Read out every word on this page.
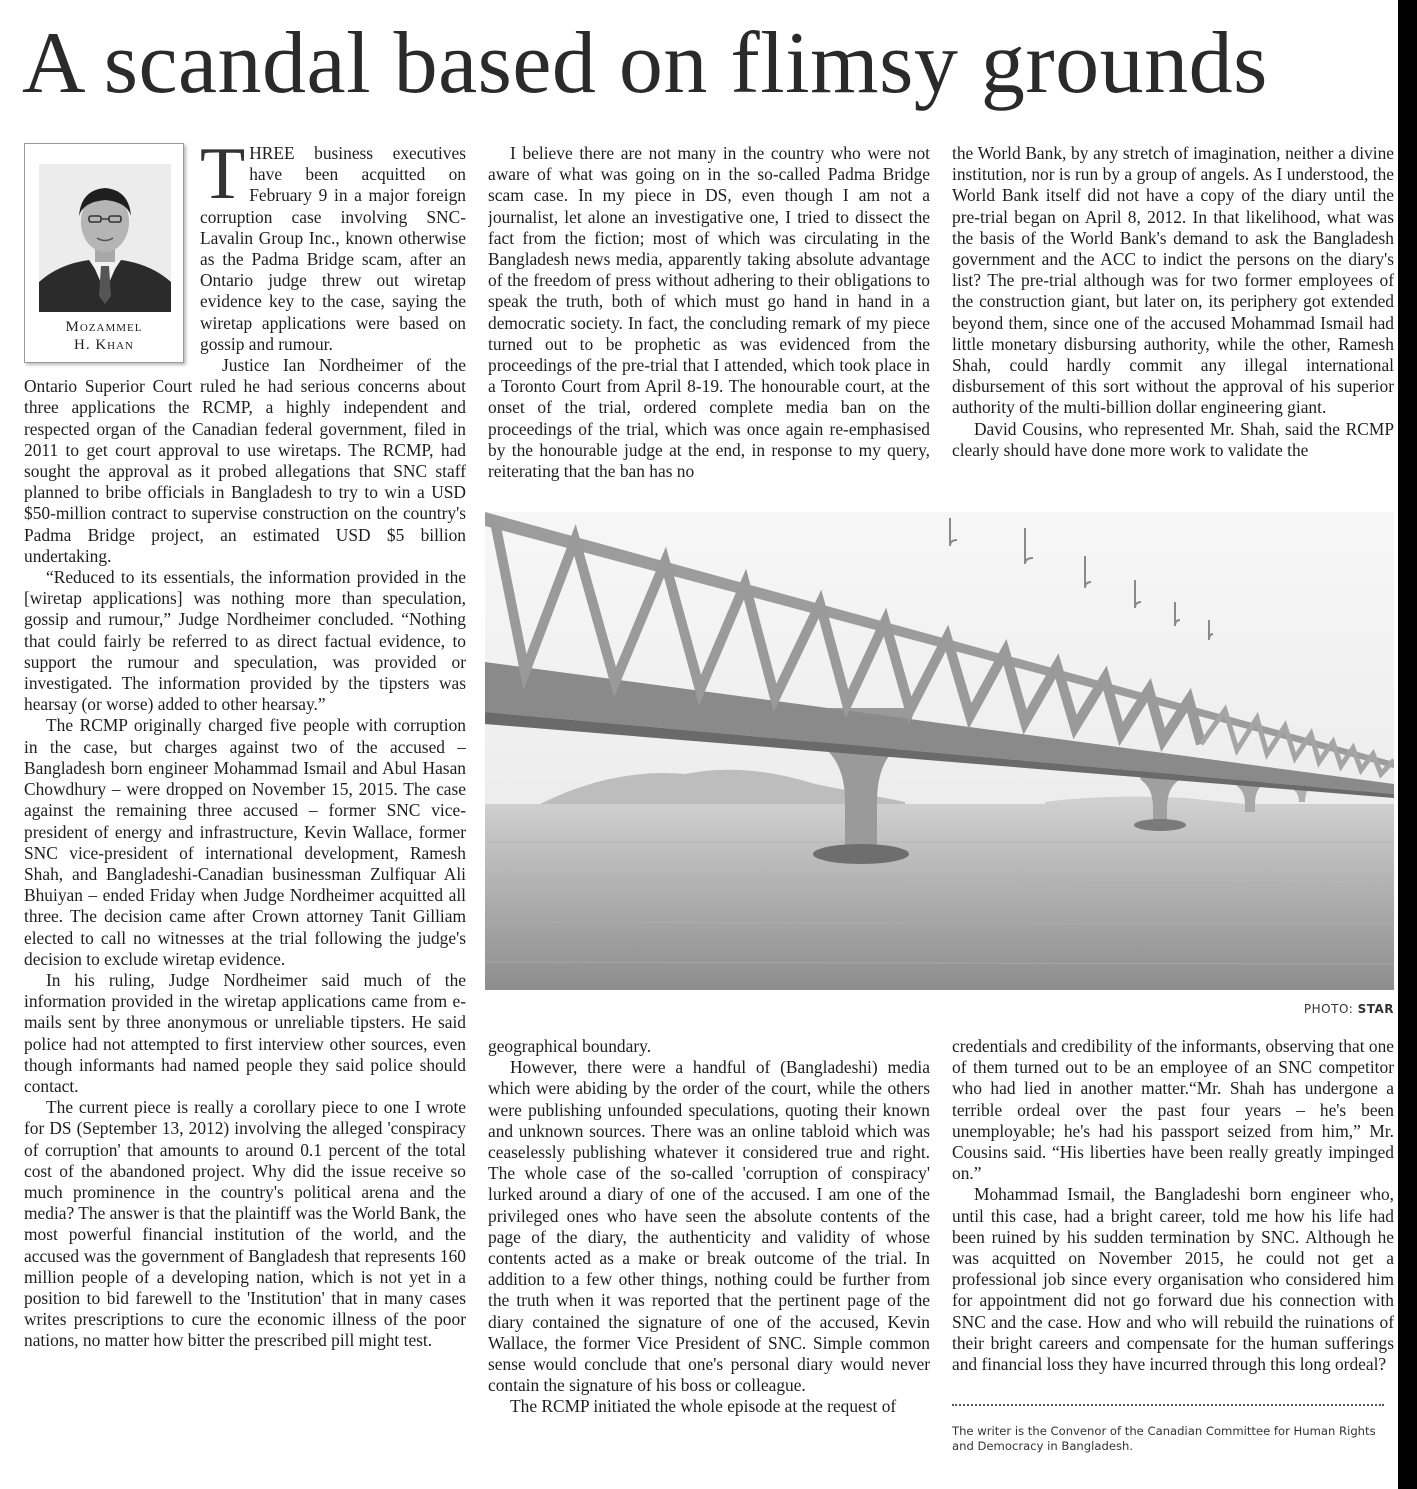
A scandal based on flimsy grounds
Mozammel
H. Khan

THREE business executives have been acquitted on February 9 in a major foreign corruption case involving SNC-Lavalin Group Inc., known otherwise as the Padma Bridge scam, after an Ontario judge threw out wiretap evidence key to the case, saying the wiretap applications were based on gossip and rumour.

Justice Ian Nordheimer of the Ontario Superior Court ruled he had serious concerns about three applications the RCMP, a highly independent and respected organ of the Canadian federal government, filed in 2011 to get court approval to use wiretaps. The RCMP, had sought the approval as it probed allegations that SNC staff planned to bribe officials in Bangladesh to try to win a USD $50-million contract to supervise construction on the country's Padma Bridge project, an estimated USD $5 billion undertaking.

“Reduced to its essentials, the information provided in the [wiretap applications] was nothing more than speculation, gossip and rumour,” Judge Nordheimer concluded. “Nothing that could fairly be referred to as direct factual evidence, to support the rumour and speculation, was provided or investigated. The information provided by the tipsters was hearsay (or worse) added to other hearsay.”

The RCMP originally charged five people with corruption in the case, but charges against two of the accused – Bangladesh born engineer Mohammad Ismail and Abul Hasan Chowdhury – were dropped on November 15, 2015. The case against the remaining three accused – former SNC vice-president of energy and infrastructure, Kevin Wallace, former SNC vice-president of international development, Ramesh Shah, and Bangladeshi-Canadian businessman Zulfiquar Ali Bhuiyan – ended Friday when Judge Nordheimer acquitted all three. The decision came after Crown attorney Tanit Gilliam elected to call no witnesses at the trial following the judge's decision to exclude wiretap evidence.

In his ruling, Judge Nordheimer said much of the information provided in the wiretap applications came from e-mails sent by three anonymous or unreliable tipsters. He said police had not attempted to first interview other sources, even though informants had named people they said police should contact.

The current piece is really a corollary piece to one I wrote for DS (September 13, 2012) involving the alleged 'conspiracy of corruption' that amounts to around 0.1 percent of the total cost of the abandoned project. Why did the issue receive so much prominence in the country's political arena and the media? The answer is that the plaintiff was the World Bank, the most powerful financial institution of the world, and the accused was the government of Bangladesh that represents 160 million people of a developing nation, which is not yet in a position to bid farewell to the 'Institution' that in many cases writes prescriptions to cure the economic illness of the poor nations, no matter how bitter the prescribed pill might test.

I believe there are not many in the country who were not aware of what was going on in the so-called Padma Bridge scam case. In my piece in DS, even though I am not a journalist, let alone an investigative one, I tried to dissect the fact from the fiction; most of which was circulating in the Bangladesh news media, apparently taking absolute advantage of the freedom of press without adhering to their obligations to speak the truth, both of which must go hand in hand in a democratic society. In fact, the concluding remark of my piece turned out to be prophetic as was evidenced from the proceedings of the pre-trial that I attended, which took place in a Toronto Court from April 8-19. The honourable court, at the onset of the trial, ordered complete media ban on the proceedings of the trial, which was once again re-emphasised by the honourable judge at the end, in response to my query, reiterating that the ban has no

the World Bank, by any stretch of imagination, neither a divine institution, nor is run by a group of angels. As I understood, the World Bank itself did not have a copy of the diary until the pre-trial began on April 8, 2012. In that likelihood, what was the basis of the World Bank's demand to ask the Bangladesh government and the ACC to indict the persons on the diary's list? The pre-trial although was for two former employees of the construction giant, but later on, its periphery got extended beyond them, since one of the accused Mohammad Ismail had little monetary disbursing authority, while the other, Ramesh Shah, could hardly commit any illegal international disbursement of this sort without the approval of his superior authority of the multi-billion dollar engineering giant.

David Cousins, who represented Mr. Shah, said the RCMP clearly should have done more work to validate the

PHOTO: STAR

geographical boundary.

However, there were a handful of (Bangladeshi) media which were abiding by the order of the court, while the others were publishing unfounded speculations, quoting their known and unknown sources. There was an online tabloid which was ceaselessly publishing whatever it considered true and right. The whole case of the so-called 'corruption of conspiracy' lurked around a diary of one of the accused. I am one of the privileged ones who have seen the absolute contents of the page of the diary, the authenticity and validity of whose contents acted as a make or break outcome of the trial. In addition to a few other things, nothing could be further from the truth when it was reported that the pertinent page of the diary contained the signature of one of the accused, Kevin Wallace, the former Vice President of SNC. Simple common sense would conclude that one's personal diary would never contain the signature of his boss or colleague.

The RCMP initiated the whole episode at the request of

credentials and credibility of the informants, observing that one of them turned out to be an employee of an SNC competitor who had lied in another matter.“Mr. Shah has undergone a terrible ordeal over the past four years – he's been unemployable; he's had his passport seized from him,” Mr. Cousins said. “His liberties have been really greatly impinged on.”

Mohammad Ismail, the Bangladeshi born engineer who, until this case, had a bright career, told me how his life had been ruined by his sudden termination by SNC. Although he was acquitted on November 2015, he could not get a professional job since every organisation who considered him for appointment did not go forward due his connection with SNC and the case. How and who will rebuild the ruinations of their bright careers and compensate for the human sufferings and financial loss they have incurred through this long ordeal?

The writer is the Convenor of the Canadian Committee for Human Rights and Democracy in Bangladesh.
